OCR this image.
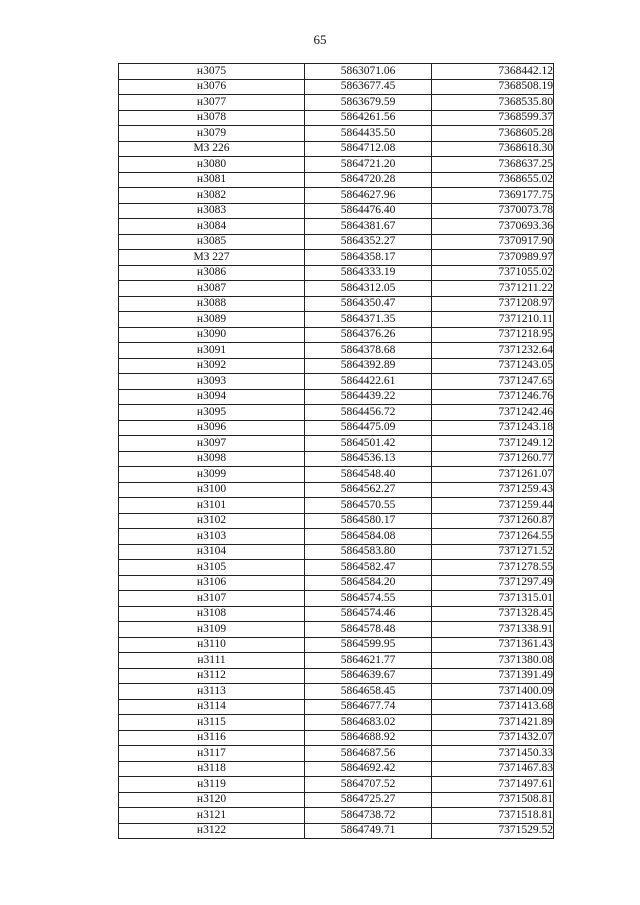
65
н3075	5863071.06	7368442.12
н3076	5863677.45	7368508.19
н3077	5863679.59	7368535.80
н3078	5864261.56	7368599.37
н3079	5864435.50	7368605.28
МЗ 226	5864712.08	7368618.30
н3080	5864721.20	7368637.25
н3081	5864720.28	7368655.02
н3082	5864627.96	7369177.75
н3083	5864476.40	7370073.78
н3084	5864381.67	7370693.36
н3085	5864352.27	7370917.90
МЗ 227	5864358.17	7370989.97
н3086	5864333.19	7371055.02
н3087	5864312.05	7371211.22
н3088	5864350.47	7371208.97
н3089	5864371.35	7371210.11
н3090	5864376.26	7371218.95
н3091	5864378.68	7371232.64
н3092	5864392.89	7371243.05
н3093	5864422.61	7371247.65
н3094	5864439.22	7371246.76
н3095	5864456.72	7371242.46
н3096	5864475.09	7371243.18
н3097	5864501.42	7371249.12
н3098	5864536.13	7371260.77
н3099	5864548.40	7371261.07
н3100	5864562.27	7371259.43
н3101	5864570.55	7371259.44
н3102	5864580.17	7371260.87
н3103	5864584.08	7371264.55
н3104	5864583.80	7371271.52
н3105	5864582.47	7371278.55
н3106	5864584.20	7371297.49
н3107	5864574.55	7371315.01
н3108	5864574.46	7371328.45
н3109	5864578.48	7371338.91
н3110	5864599.95	7371361.43
н3111	5864621.77	7371380.08
н3112	5864639.67	7371391.49
н3113	5864658.45	7371400.09
н3114	5864677.74	7371413.68
н3115	5864683.02	7371421.89
н3116	5864688.92	7371432.07
н3117	5864687.56	7371450.33
н3118	5864692.42	7371467.83
н3119	5864707.52	7371497.61
н3120	5864725.27	7371508.81
н3121	5864738.72	7371518.81
н3122	5864749.71	7371529.52
